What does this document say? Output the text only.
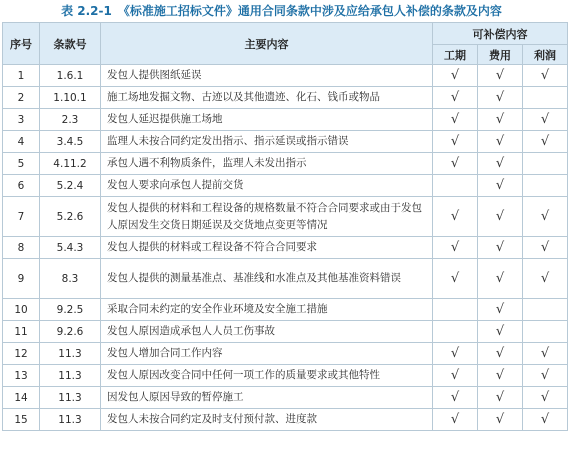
表 2.2-1 《标准施工招标文件》通用合同条款中涉及应给承包人补偿的条款及内容
序号	条款号	主要内容	可补偿内容		
			工期	费用	利润
1	1.6.1	发包人提供图纸延误	√	√	√
2	1.10.1	施工场地发掘文物、古迹以及其他遗迹、化石、钱币或物品	√	√	
3	2.3	发包人延迟提供施工场地	√	√	√
4	3.4.5	监理人未按合同约定发出指示、指示延误或指示错误	√	√	√
5	4.11.2	承包人遇不利物质条件，监理人未发出指示	√	√	
6	5.2.4	发包人要求向承包人提前交货		√	
7	5.2.6	发包人提供的材料和工程设备的规格数量不符合合同要求或由于发包人原因发生交货日期延误及交货地点变更等情况	√	√	√
8	5.4.3	发包人提供的材料或工程设备不符合合同要求	√	√	√
9	8.3	发包人提供的测量基准点、基准线和水准点及其他基准资料错误	√	√	√
10	9.2.5	采取合同未约定的安全作业环境及安全施工措施		√	
11	9.2.6	发包人原因造成承包人人员工伤事故		√	
12	11.3	发包人增加合同工作内容	√	√	√
13	11.3	发包人原因改变合同中任何一项工作的质量要求或其他特性	√	√	√
14	11.3	因发包人原因导致的暂停施工	√	√	√
15	11.3	发包人未按合同约定及时支付预付款、进度款	√	√	√
